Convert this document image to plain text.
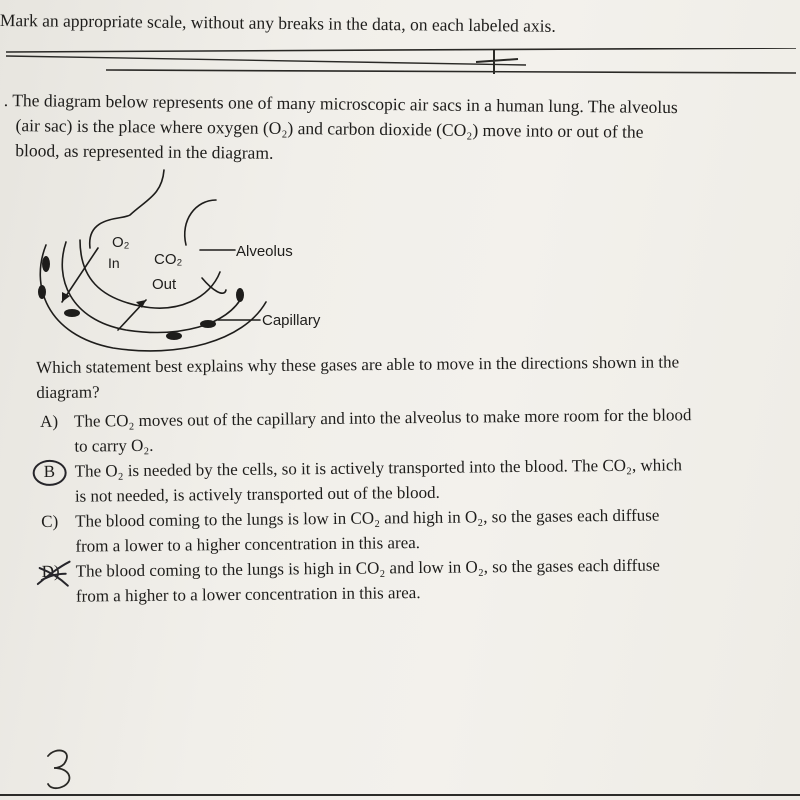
Mark an appropriate scale, without any breaks in the data, on each labeled axis.
. The diagram below represents one of many microscopic air sacs in a human lung. The alveolus
(air sac) is the place where oxygen (O₂) and carbon dioxide (CO₂) move into or out of the
blood, as represented in the diagram.
O₂
In CO₂
Out
Alveolus
Capillary
Which statement best explains why these gases are able to move in the directions shown in the
diagram?
A) The CO₂ moves out of the capillary and into the alveolus to make more room for the blood
to carry O₂.
B The O₂ is needed by the cells, so it is actively transported into the blood. The CO₂, which
is not needed, is actively transported out of the blood.
C) The blood coming to the lungs is low in CO₂ and high in O₂, so the gases each diffuse
from a lower to a higher concentration in this area.
D) The blood coming to the lungs is high in CO₂ and low in O₂, so the gases each diffuse
from a higher to a lower concentration in this area.
